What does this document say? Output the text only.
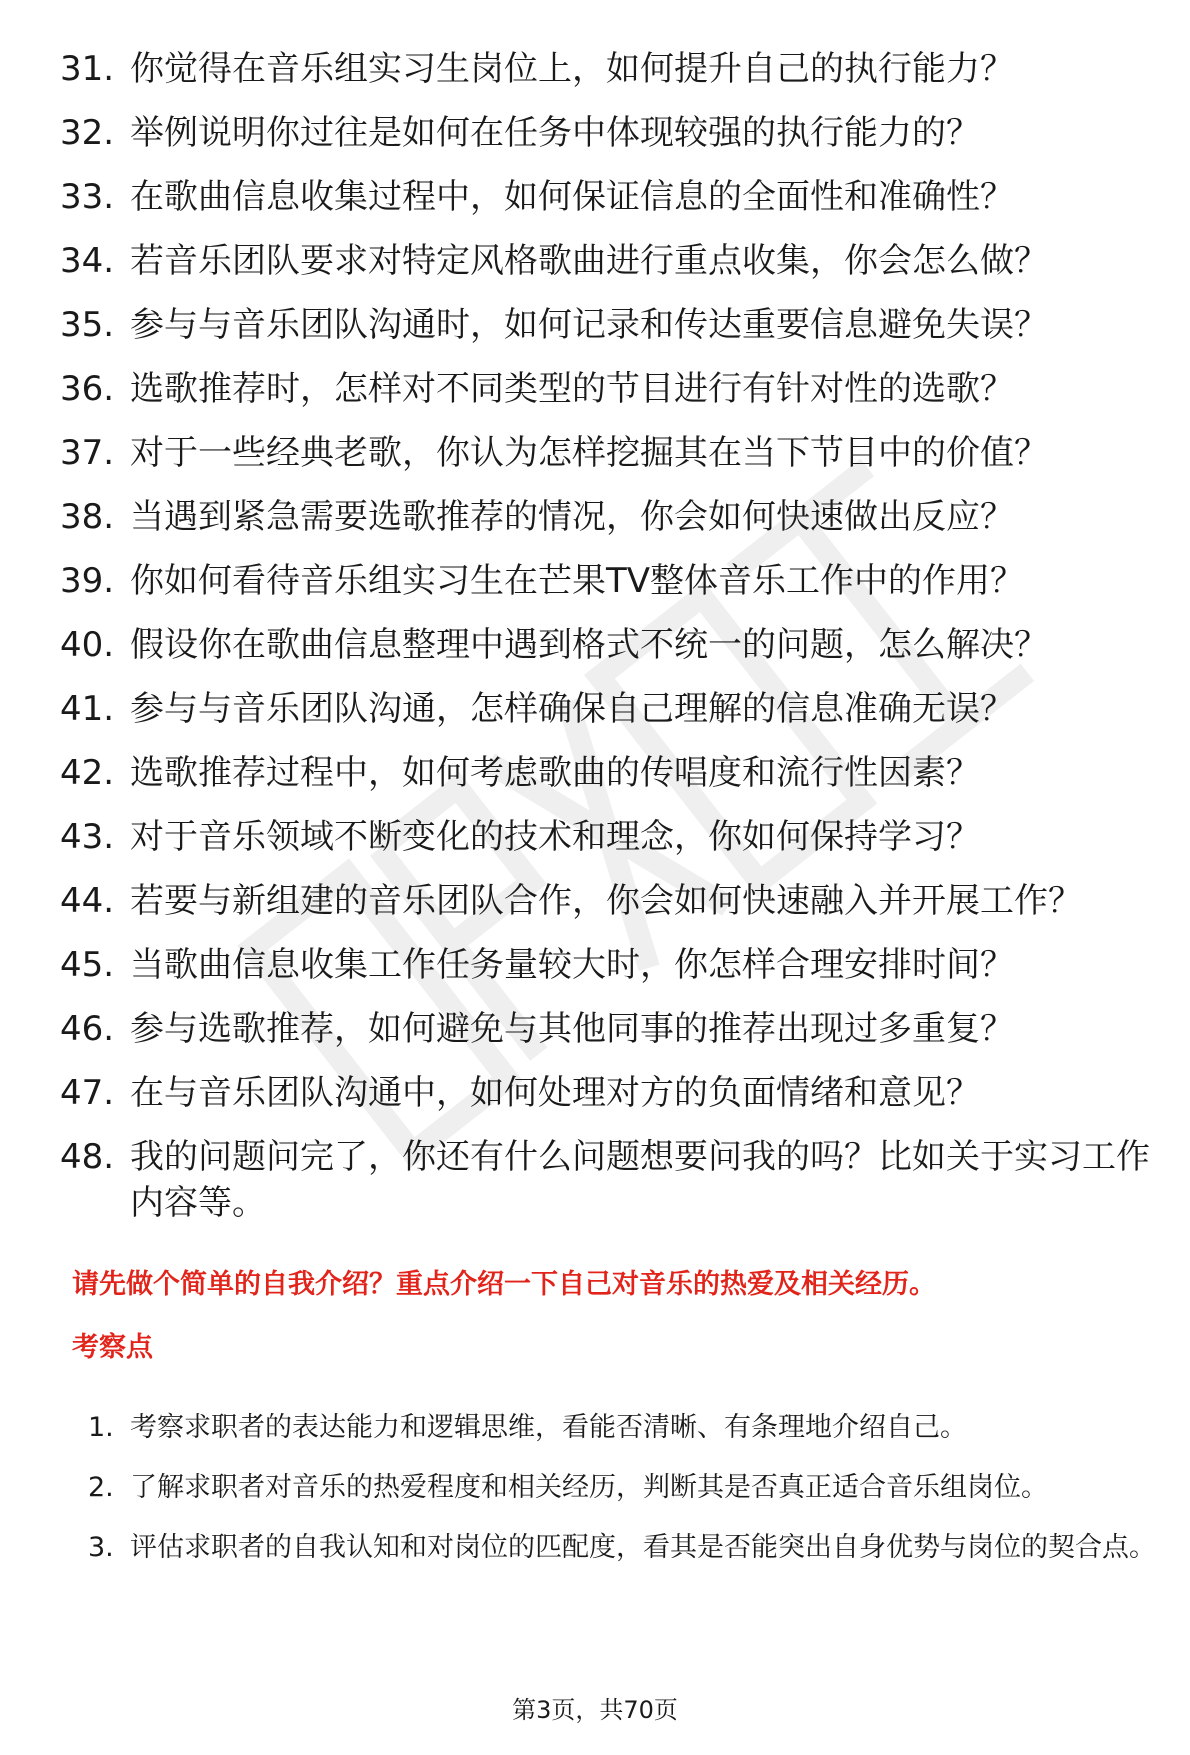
31. 你觉得在音乐组实习生岗位上，如何提升自己的执行能力？
32. 举例说明你过往是如何在任务中体现较强的执行能力的？
33. 在歌曲信息收集过程中，如何保证信息的全面性和准确性？
34. 若音乐团队要求对特定风格歌曲进行重点收集，你会怎么做？
35. 参与与音乐团队沟通时，如何记录和传达重要信息避免失误？
36. 选歌推荐时，怎样对不同类型的节目进行有针对性的选歌？
37. 对于一些经典老歌，你认为怎样挖掘其在当下节目中的价值？
38. 当遇到紧急需要选歌推荐的情况，你会如何快速做出反应？
39. 你如何看待音乐组实习生在芒果TV整体音乐工作中的作用？
40. 假设你在歌曲信息整理中遇到格式不统一的问题，怎么解决？
41. 参与与音乐团队沟通，怎样确保自己理解的信息准确无误？
42. 选歌推荐过程中，如何考虑歌曲的传唱度和流行性因素？
43. 对于音乐领域不断变化的技术和理念，你如何保持学习？
44. 若要与新组建的音乐团队合作，你会如何快速融入并开展工作？
45. 当歌曲信息收集工作任务量较大时，你怎样合理安排时间？
46. 参与选歌推荐，如何避免与其他同事的推荐出现过多重复？
47. 在与音乐团队沟通中，如何处理对方的负面情绪和意见？
48. 我的问题问完了，你还有什么问题想要问我的吗？比如关于实习工作内容等。
请先做个简单的自我介绍？重点介绍一下自己对音乐的热爱及相关经历。
考察点
1. 考察求职者的表达能力和逻辑思维，看能否清晰、有条理地介绍自己。
2. 了解求职者对音乐的热爱程度和相关经历，判断其是否真正适合音乐组岗位。
3. 评估求职者的自我认知和对岗位的匹配度，看其是否能突出自身优势与岗位的契合点。
第3页，共70页
